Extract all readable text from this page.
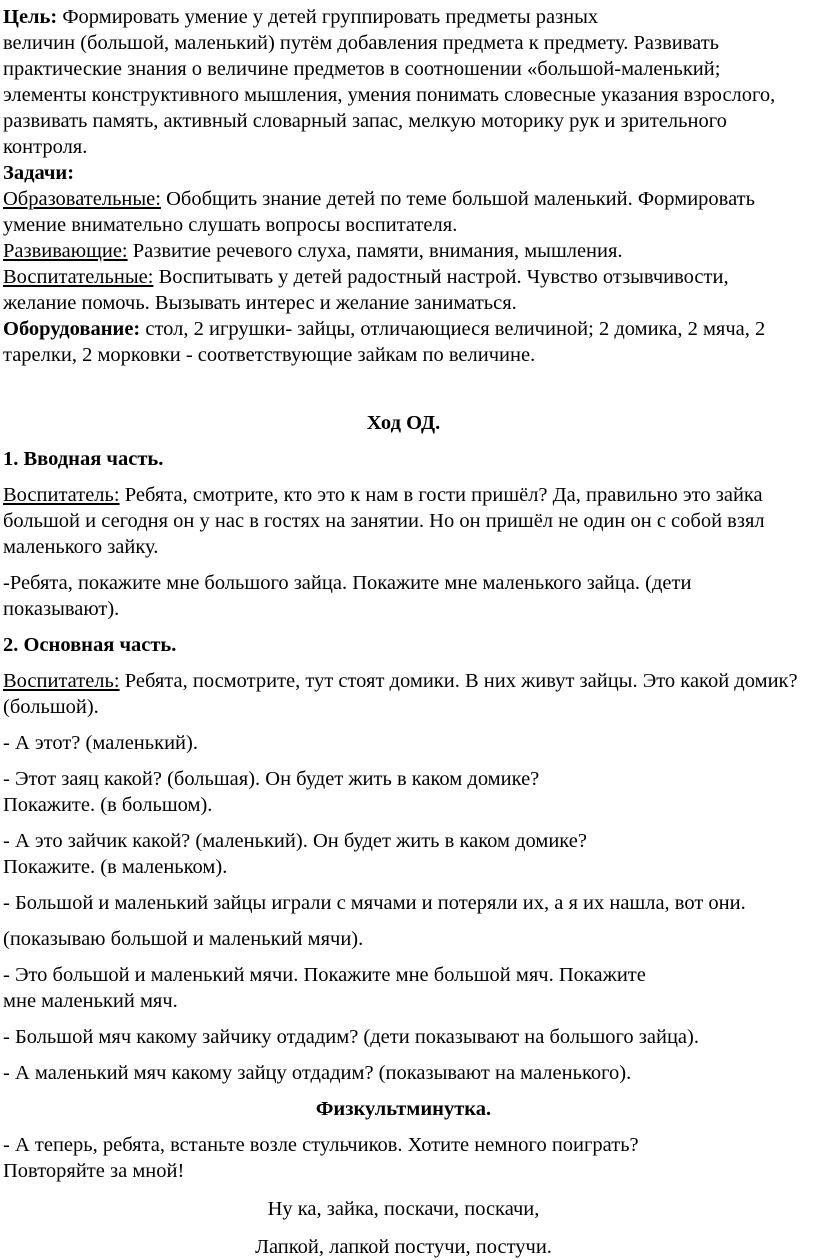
Цель: Формировать умение у детей группировать предметы разных
величин (большой, маленький) путём добавления предмета к предмету. Развивать практические знания о величине предметов в соотношении «большой-маленький; элементы конструктивного мышления, умения понимать словесные указания взрослого, развивать память, активный словарный запас, мелкую моторику рук и зрительного контроля.

Задачи:

Образовательные: Обобщить знание детей по теме большой маленький. Формировать умение внимательно слушать вопросы воспитателя.

Развивающие: Развитие речевого слуха, памяти, внимания, мышления.

Воспитательные: Воспитывать у детей радостный настрой. Чувство отзывчивости, желание помочь. Вызывать интерес и желание заниматься.

Оборудование: стол, 2 игрушки- зайцы, отличающиеся величиной; 2 домика, 2 мяча, 2 тарелки, 2 морковки - соответствующие зайкам по величине.

Ход ОД.

1. Вводная часть.

Воспитатель: Ребята, смотрите, кто это к нам в гости пришёл? Да, правильно это зайка большой и сегодня он у нас в гостях на занятии. Но он пришёл не один он с собой взял маленького зайку.

-Ребята, покажите мне большого зайца. Покажите мне маленького зайца. (дети показывают).

2. Основная часть.

Воспитатель: Ребята, посмотрите, тут стоят домики. В них живут зайцы. Это какой домик? (большой).

- А этот? (маленький).

- Этот заяц какой? (большая). Он будет жить в каком домике?
Покажите. (в большом).

- А это зайчик какой? (маленький). Он будет жить в каком домике?
Покажите. (в маленьком).

- Большой и маленький зайцы играли с мячами и потеряли их, а я их нашла, вот они.

(показываю большой и маленький мячи).

- Это большой и маленький мячи. Покажите мне большой мяч. Покажите
мне маленький мяч.

- Большой мяч какому зайчику отдадим? (дети показывают на большого зайца).

- А маленький мяч какому зайцу отдадим? (показывают на маленького).

Физкультминутка.

- А теперь, ребята, встаньте возле стульчиков. Хотите немного поиграть?
Повторяйте за мной!

Ну ка, зайка, поскачи, поскачи,

Лапкой, лапкой постучи, постучи.
